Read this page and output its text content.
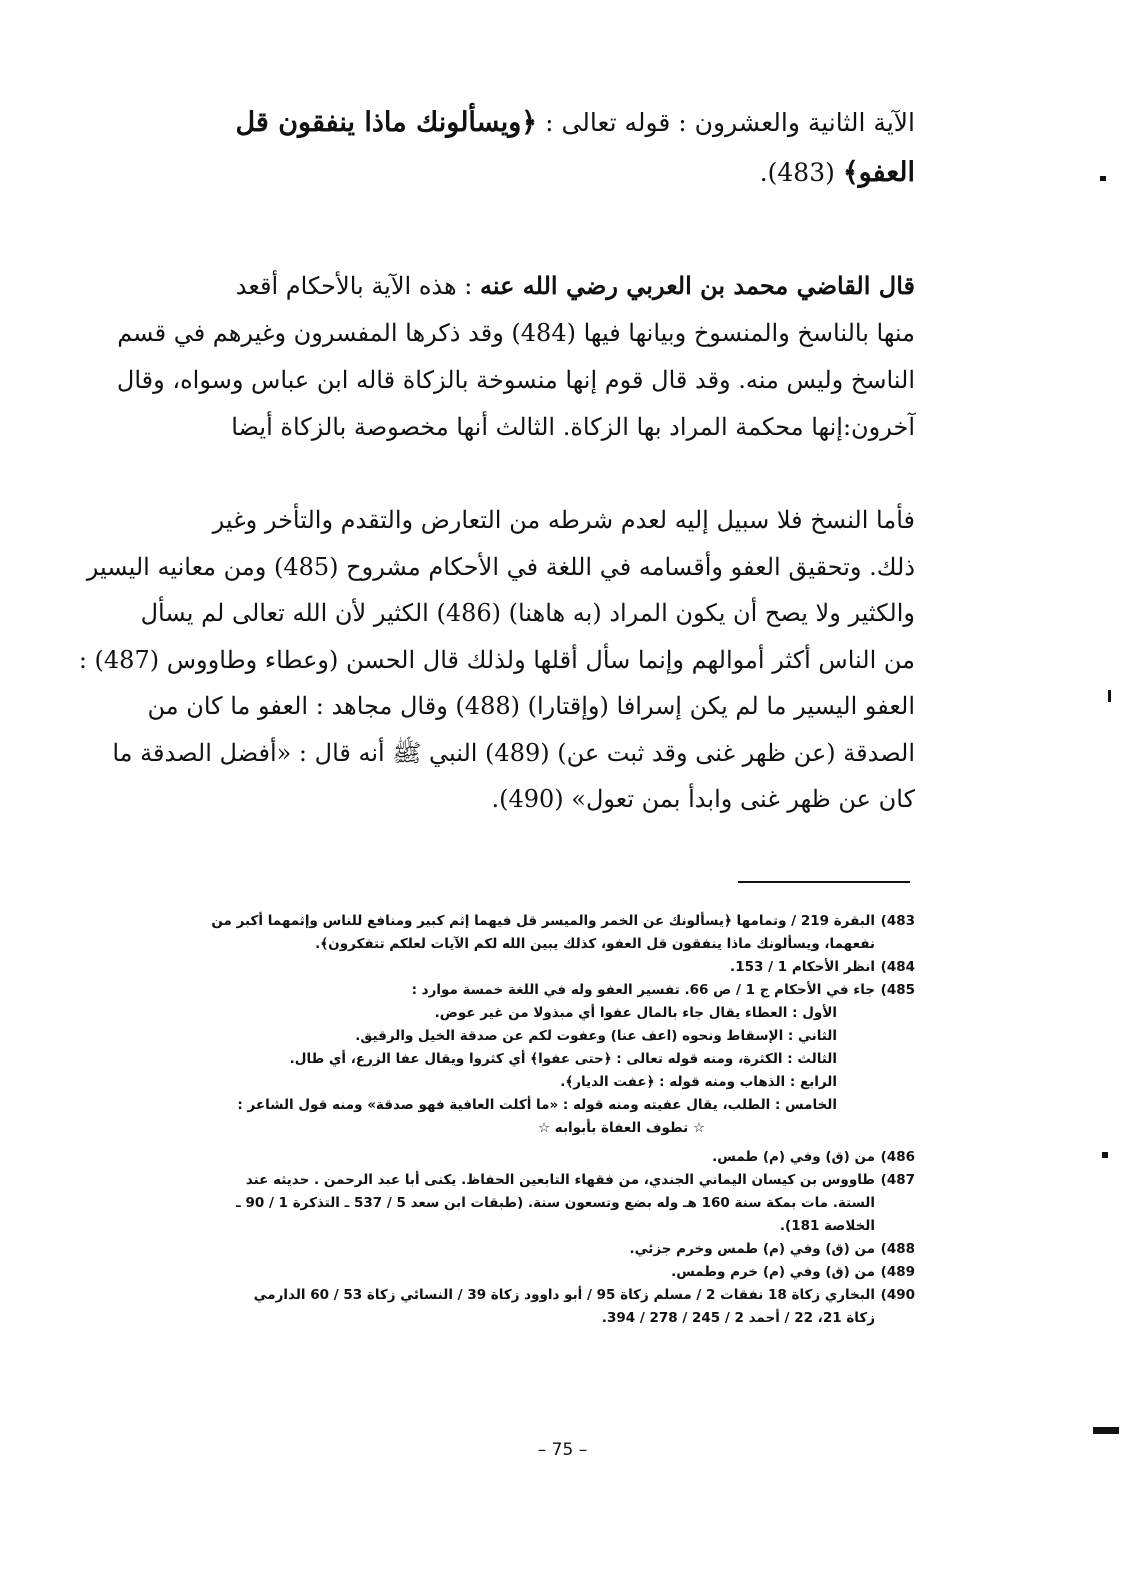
الآية الثانية والعشرون : قوله تعالى : ﴿ويسألونك ماذا ينفقون قل
العفو﴾ (483).
قال القاضي محمد بن العربي رضي الله عنه : هذه الآية بالأحكام أقعد
منها بالناسخ والمنسوخ وبيانها فيها (484) وقد ذكرها المفسرون وغيرهم في قسم
الناسخ وليس منه. وقد قال قوم إنها منسوخة بالزكاة قاله ابن عباس وسواه، وقال
آخرون:إنها محكمة المراد بها الزكاة. الثالث أنها مخصوصة بالزكاة أيضا
فأما النسخ فلا سبيل إليه لعدم شرطه من التعارض والتقدم والتأخر وغير
ذلك. وتحقيق العفو وأقسامه في اللغة في الأحكام مشروح (485) ومن معانيه اليسير
والكثير ولا يصح أن يكون المراد (به هاهنا) (486) الكثير لأن الله تعالى لم يسأل
من الناس أكثر أموالهم وإنما سأل أقلها ولذلك قال الحسن (وعطاء وطاووس (487) :
العفو اليسير ما لم يكن إسرافا (وإقتارا) (488) وقال مجاهد : العفو ما كان من
الصدقة (عن ظهر غنى وقد ثبت عن) (489) النبي ﷺ أنه قال : «أفضل الصدقة ما
كان عن ظهر غنى وابدأ بمن تعول» (490).
483)
البقرة 219 / وتمامها ﴿يسألونك عن الخمر والميسر قل فيهما إثم كبير ومنافع للناس وإثمهما أكبر من
نفعهما، ويسألونك ماذا ينفقون قل العفو، كذلك يبين الله لكم الآيات لعلكم تتفكرون﴾.
484)
انظر الأحكام 1 / 153.
485)
جاء في الأحكام ج 1 / ص 66. تفسير العفو وله في اللغة خمسة موارد :
الأول : العطاء يقال جاء بالمال عفوا أي مبذولا من غير عوض.
الثاني : الإسقاط ونحوه (اعف عنا) وعفوت لكم عن صدقة الخيل والرقيق.
الثالث : الكثرة، ومنه قوله تعالى : ﴿حتى عفوا﴾ أي كثروا ويقال عفا الزرع، أي طال.
الرابع : الذهاب ومنه قوله : ﴿عفت الديار﴾.
الخامس : الطلب، يقال عفيته ومنه قوله : «ما أكلت العافية فهو صدقة» ومنه قول الشاعر :
☆ تطوف العفاة بأبوابه ☆
486)
من (ق) وفي (م) طمس.
487)
طاووس بن كيسان اليماني الجندي، من فقهاء التابعين الحفاظ. يكنى أبا عبد الرحمن . حديثه عند
الستة. مات بمكة سنة 160 هـ وله بضع وتسعون سنة. (طبقات ابن سعد 5 / 537 ـ التذكرة 1 / 90 ـ
الخلاصة 181).
488)
من (ق) وفي (م) طمس وخرم جزئي.
489)
من (ق) وفي (م) خرم وطمس.
490)
البخاري زكاة 18 نفقات 2 / مسلم زكاة 95 / أبو داوود زكاة 39 / النسائي زكاة 53 / 60 الدارمي
زكاة 21، 22 / أحمد 2 / 245 / 278 / 394.
– 75 –
